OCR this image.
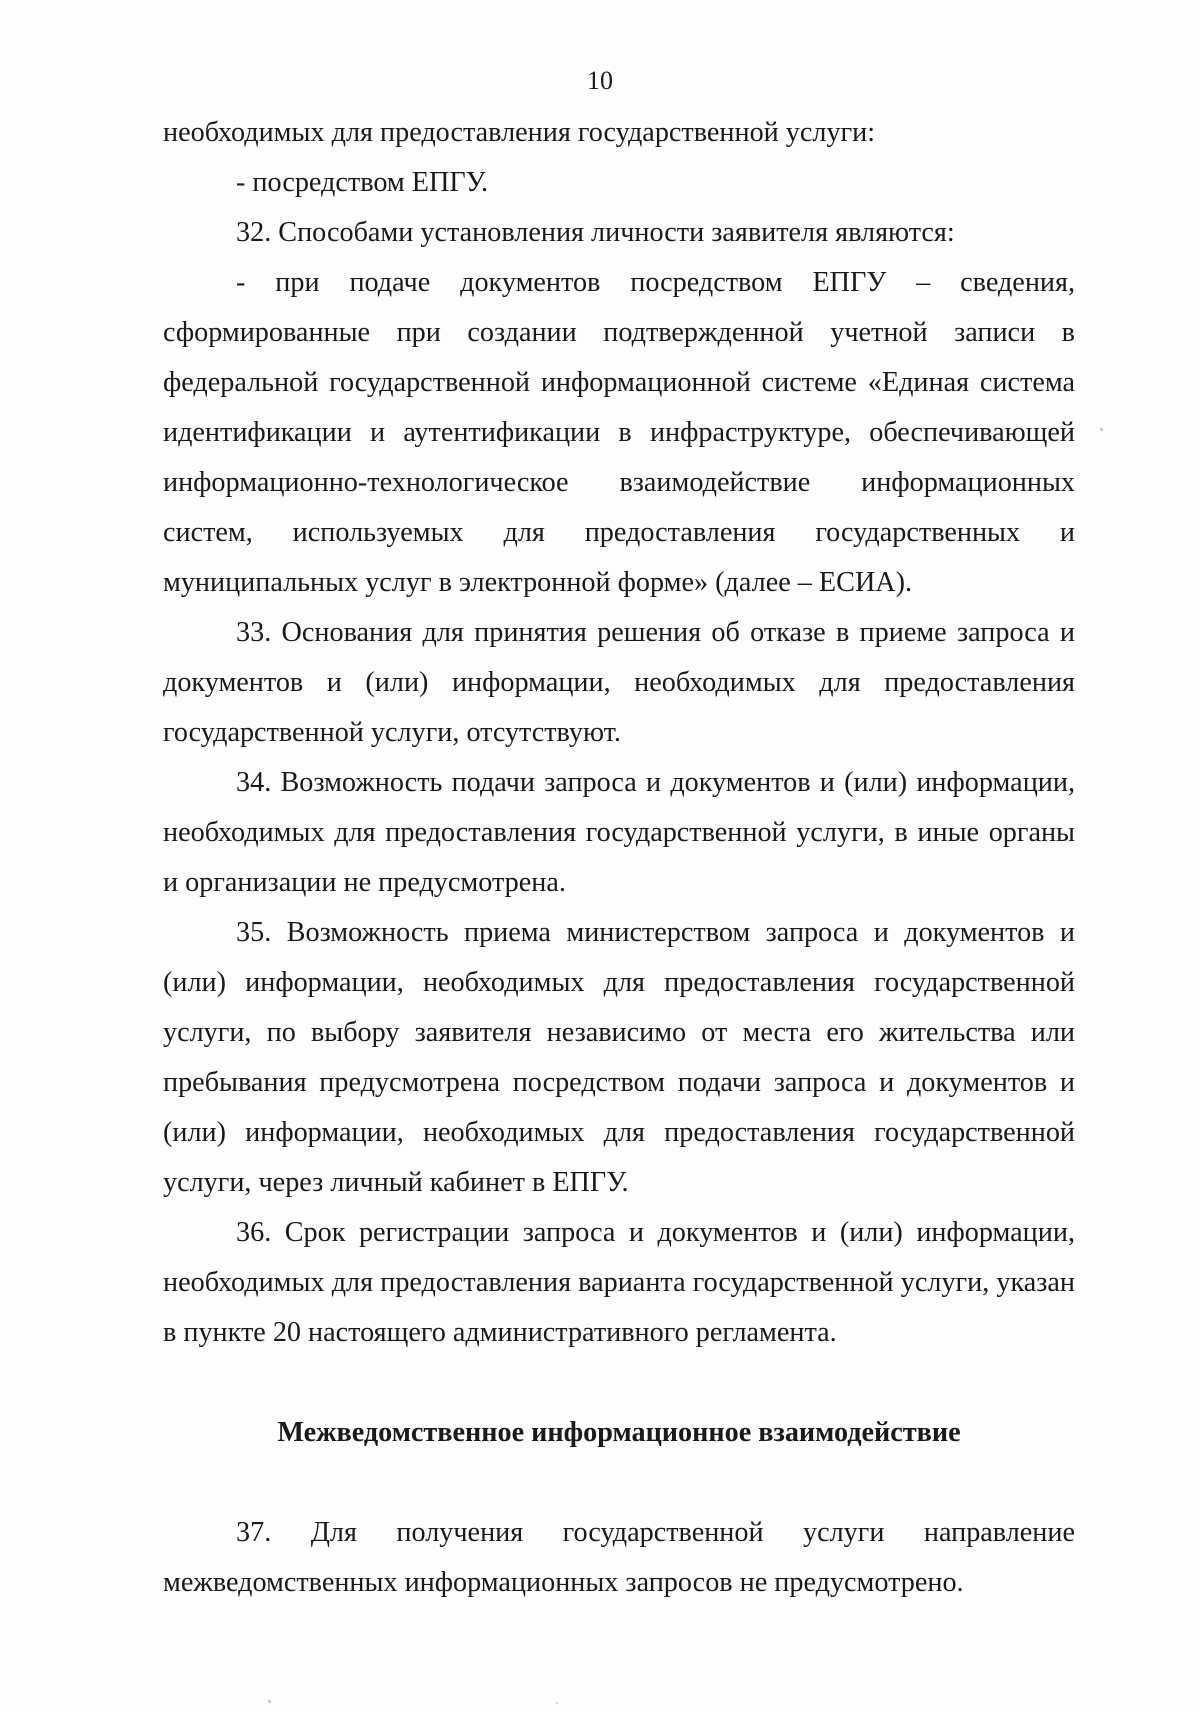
10

необходимых для предоставления государственной услуги:

- посредством ЕПГУ.

32. Способами установления личности заявителя являются:

- при подаче документов посредством ЕПГУ – сведения, сформированные при создании подтвержденной учетной записи в федеральной государственной информационной системе «Единая система идентификации и аутентификации в инфраструктуре, обеспечивающей информационно-технологическое взаимодействие информационных систем, используемых для предоставления государственных и муниципальных услуг в электронной форме» (далее – ЕСИА).

33. Основания для принятия решения об отказе в приеме запроса и документов и (или) информации, необходимых для предоставления государственной услуги, отсутствуют.

34. Возможность подачи запроса и документов и (или) информации, необходимых для предоставления государственной услуги, в иные органы и организации не предусмотрена.

35. Возможность приема министерством запроса и документов и (или) информации, необходимых для предоставления государственной услуги, по выбору заявителя независимо от места его жительства или пребывания предусмотрена посредством подачи запроса и документов и (или) информации, необходимых для предоставления государственной услуги, через личный кабинет в ЕПГУ.

36. Срок регистрации запроса и документов и (или) информации, необходимых для предоставления варианта государственной услуги, указан в пункте 20 настоящего административного регламента.

Межведомственное информационное взаимодействие

37. Для получения государственной услуги направление межведомственных информационных запросов не предусмотрено.
